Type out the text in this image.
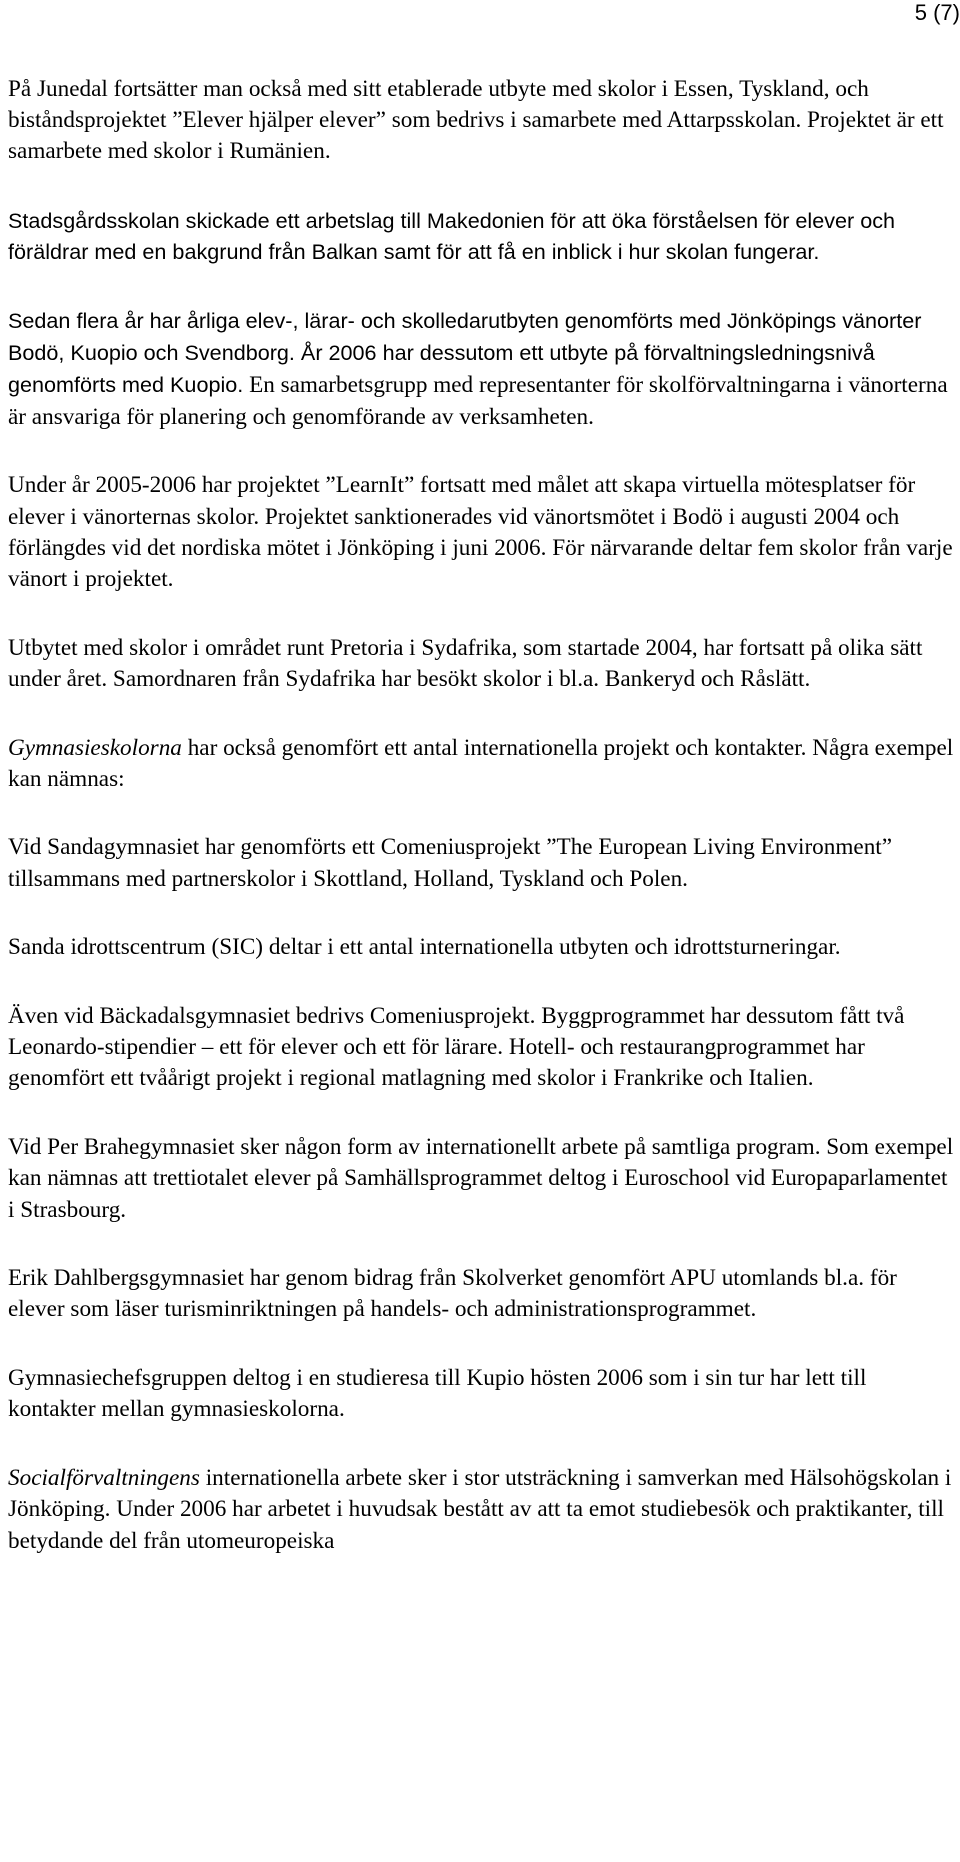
5 (7)

På Junedal fortsätter man också med sitt etablerade utbyte med skolor i Essen, Tyskland, och biståndsprojektet ”Elever hjälper elever” som bedrivs i samarbete med Attarpsskolan. Projektet är ett samarbete med skolor i Rumänien.

Stadsgårdsskolan skickade ett arbetslag till Makedonien för att öka förståelsen för elever och föräldrar med en bakgrund från Balkan samt för att få en inblick i hur skolan fungerar.

Sedan flera år har årliga elev-, lärar- och skolledarutbyten genomförts med Jönköpings vänorter Bodö, Kuopio och Svendborg. År 2006 har dessutom ett utbyte på förvaltningsledningsnivå genomförts med Kuopio. En samarbetsgrupp med representanter för skolförvaltningarna i vänorterna är ansvariga för planering och genomförande av verksamheten.

Under år 2005-2006 har projektet ”LearnIt” fortsatt med målet att skapa virtuella mötesplatser för elever i vänorternas skolor. Projektet sanktionerades vid vänortsmötet i Bodö i augusti 2004 och förlängdes vid det nordiska mötet i Jönköping i juni 2006. För närvarande deltar fem skolor från varje vänort i projektet.

Utbytet med skolor i området runt Pretoria i Sydafrika, som startade 2004, har fortsatt på olika sätt under året. Samordnaren från Sydafrika har besökt skolor i bl.a. Bankeryd och Råslätt.

Gymnasieskolorna har också genomfört ett antal internationella projekt och kontakter. Några exempel kan nämnas:

Vid Sandagymnasiet har genomförts ett Comeniusprojekt ”The European Living Environment” tillsammans med partnerskolor i Skottland, Holland, Tyskland och Polen.

Sanda idrottscentrum (SIC) deltar i ett antal internationella utbyten och idrottsturneringar.

Även vid Bäckadalsgymnasiet bedrivs Comeniusprojekt. Byggprogrammet har dessutom fått två Leonardo-stipendier – ett för elever och ett för lärare. Hotell- och restaurangprogrammet har genomfört ett tvåårigt projekt i regional matlagning med skolor i Frankrike och Italien.

Vid Per Brahegymnasiet sker någon form av internationellt arbete på samtliga program. Som exempel kan nämnas att trettiotalet elever på Samhällsprogrammet deltog i Euroschool vid Europaparlamentet i Strasbourg.

Erik Dahlbergsgymnasiet har genom bidrag från Skolverket genomfört APU utomlands bl.a. för elever som läser turisminriktningen på handels- och administrationsprogrammet.

Gymnasiechefsgruppen deltog i en studieresa till Kupio hösten 2006 som i sin tur har lett till kontakter mellan gymnasieskolorna.

Socialförvaltningens internationella arbete sker i stor utsträckning i samverkan med Hälsohögskolan i Jönköping. Under 2006 har arbetet i huvudsak bestått av att ta emot studiebesök och praktikanter, till betydande del från utomeuropeiska
